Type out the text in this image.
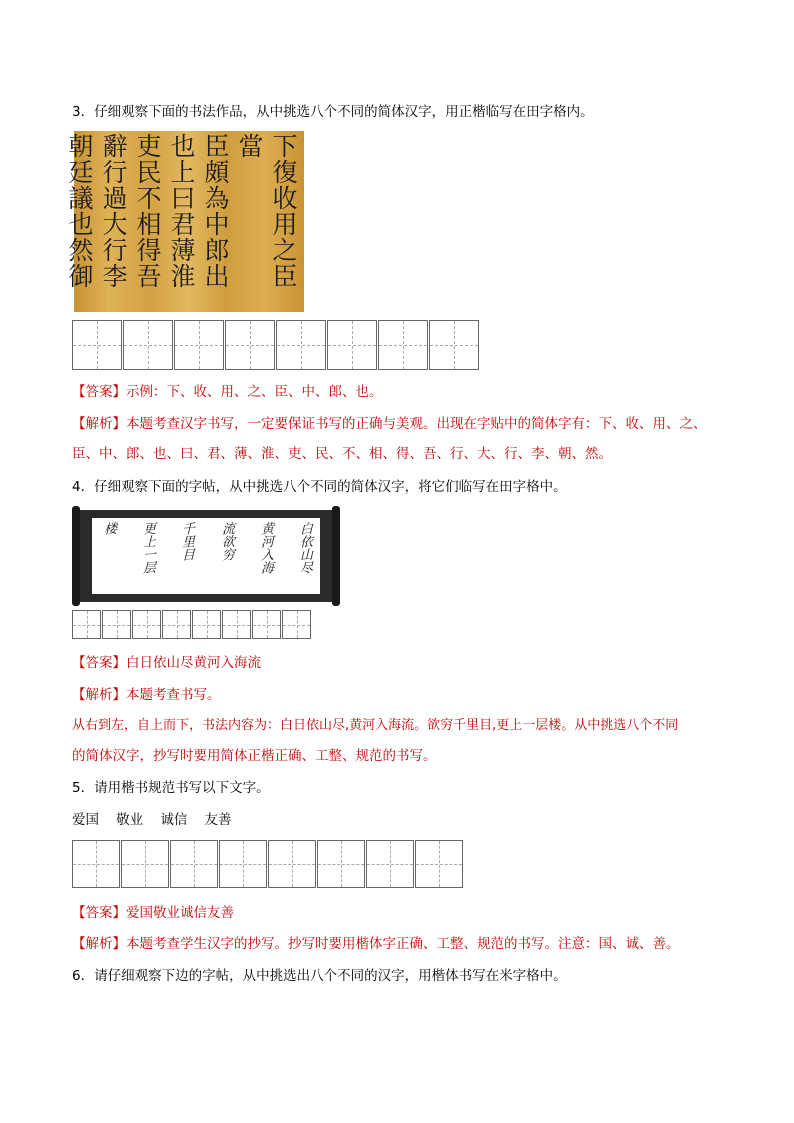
3．仔细观察下面的书法作品，从中挑选八个不同的简体汉字，用正楷临写在田字格内。
下復收用之臣當
臣頗為中郎出
也上曰君薄淮
吏民不相得吾
辭行過大行李
朝廷議也然御
【答案】示例：下、收、用、之、臣、中、郎、也。
【解析】本题考查汉字书写，一定要保证书写的正确与美观。出现在字贴中的简体字有：下、收、用、之、
臣、中、郎、也、曰、君、薄、淮、吏、民、不、相、得、吾、行、大、行、李、朝、然。
4．仔细观察下面的字帖，从中挑选八个不同的简体汉字，将它们临写在田字格中。
白依山尽
黄河入海
流欲穷
千里目
更上一层
楼
【答案】白日依山尽黄河入海流
【解析】本题考查书写。
从右到左，自上而下，书法内容为：白日依山尽,黄河入海流。欲穷千里目,更上一层楼。从中挑选八个不同
的简体汉字，抄写时要用简体正楷正确、工整、规范的书写。
5．请用楷书规范书写以下文字。
爱国 敬业 诚信 友善
【答案】爱国敬业诚信友善
【解析】本题考查学生汉字的抄写。抄写时要用楷体字正确、工整、规范的书写。注意：国、诚、善。
6．请仔细观察下边的字帖，从中挑选出八个不同的汉字，用楷体书写在米字格中。
